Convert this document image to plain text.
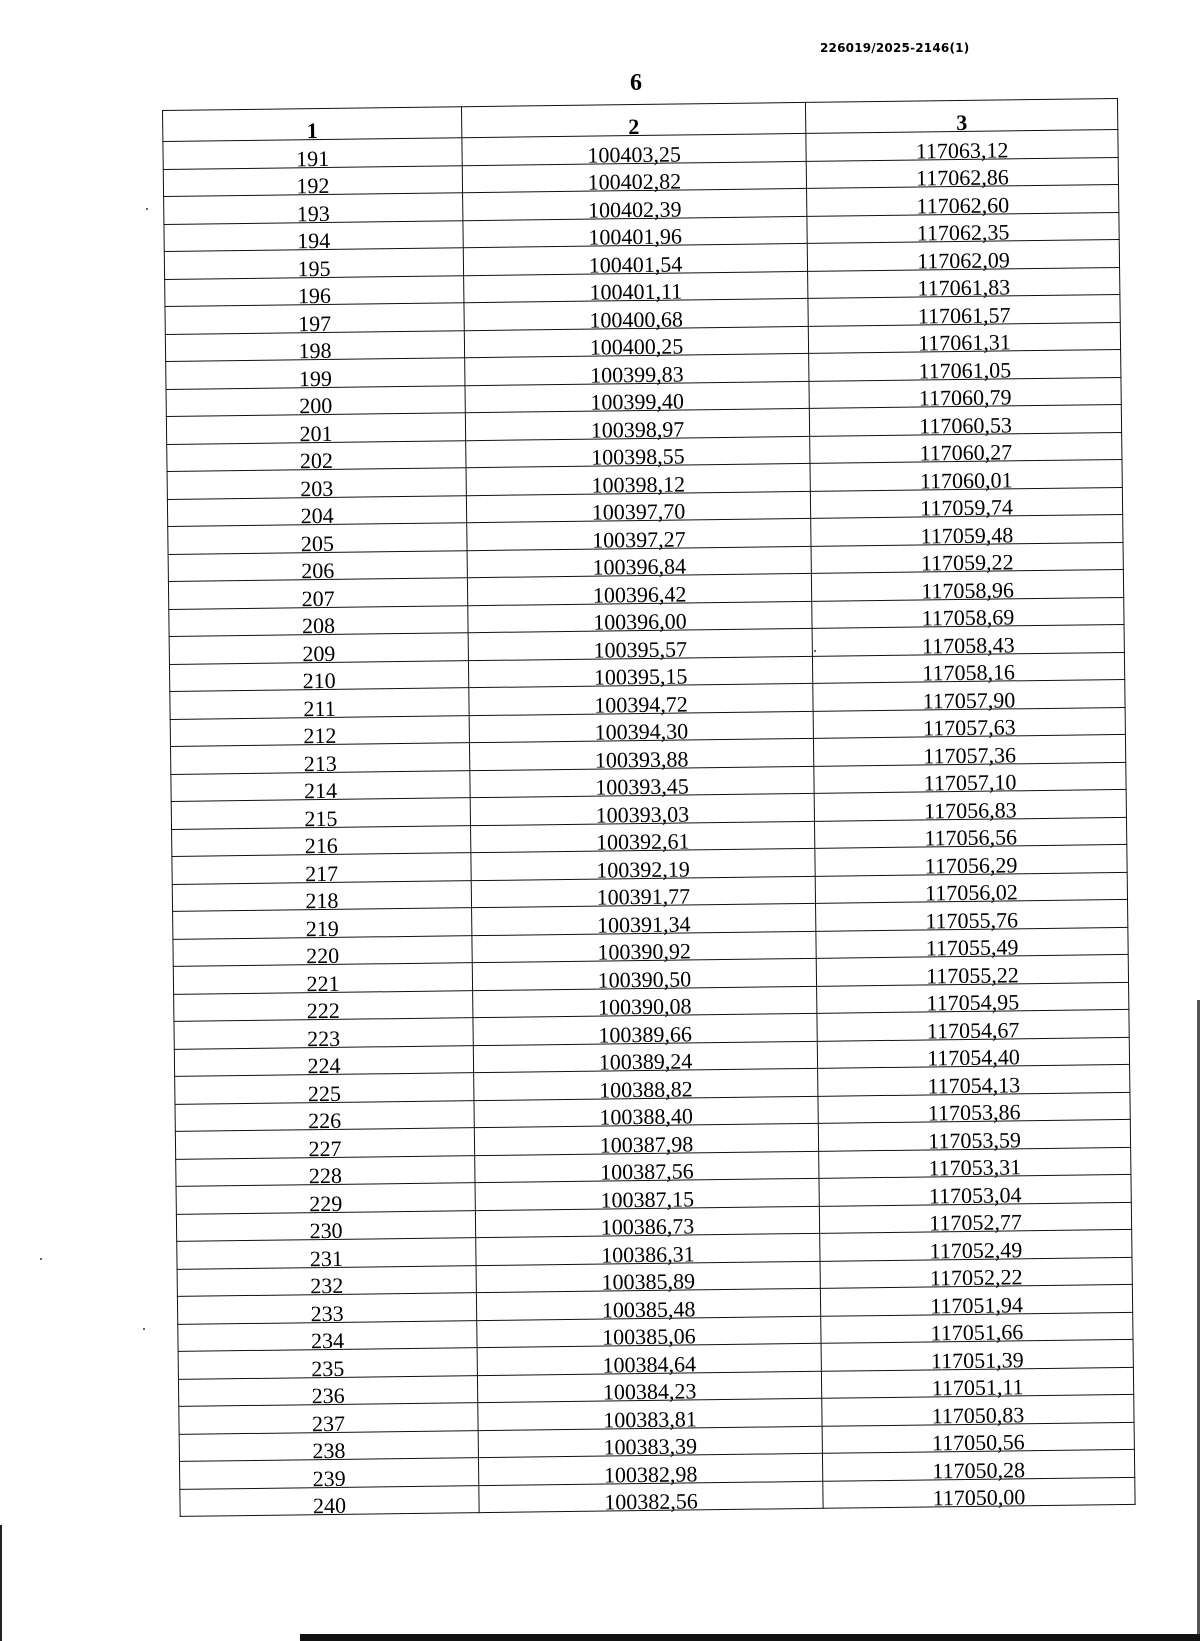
226019/2025-2146(1)
6
1	2	3
191	100403,25	117063,12
192	100402,82	117062,86
193	100402,39	117062,60
194	100401,96	117062,35
195	100401,54	117062,09
196	100401,11	117061,83
197	100400,68	117061,57
198	100400,25	117061,31
199	100399,83	117061,05
200	100399,40	117060,79
201	100398,97	117060,53
202	100398,55	117060,27
203	100398,12	117060,01
204	100397,70	117059,74
205	100397,27	117059,48
206	100396,84	117059,22
207	100396,42	117058,96
208	100396,00	117058,69
209	100395,57	117058,43
210	100395,15	117058,16
211	100394,72	117057,90
212	100394,30	117057,63
213	100393,88	117057,36
214	100393,45	117057,10
215	100393,03	117056,83
216	100392,61	117056,56
217	100392,19	117056,29
218	100391,77	117056,02
219	100391,34	117055,76
220	100390,92	117055,49
221	100390,50	117055,22
222	100390,08	117054,95
223	100389,66	117054,67
224	100389,24	117054,40
225	100388,82	117054,13
226	100388,40	117053,86
227	100387,98	117053,59
228	100387,56	117053,31
229	100387,15	117053,04
230	100386,73	117052,77
231	100386,31	117052,49
232	100385,89	117052,22
233	100385,48	117051,94
234	100385,06	117051,66
235	100384,64	117051,39
236	100384,23	117051,11
237	100383,81	117050,83
238	100383,39	117050,56
239	100382,98	117050,28
240	100382,56	117050,00
